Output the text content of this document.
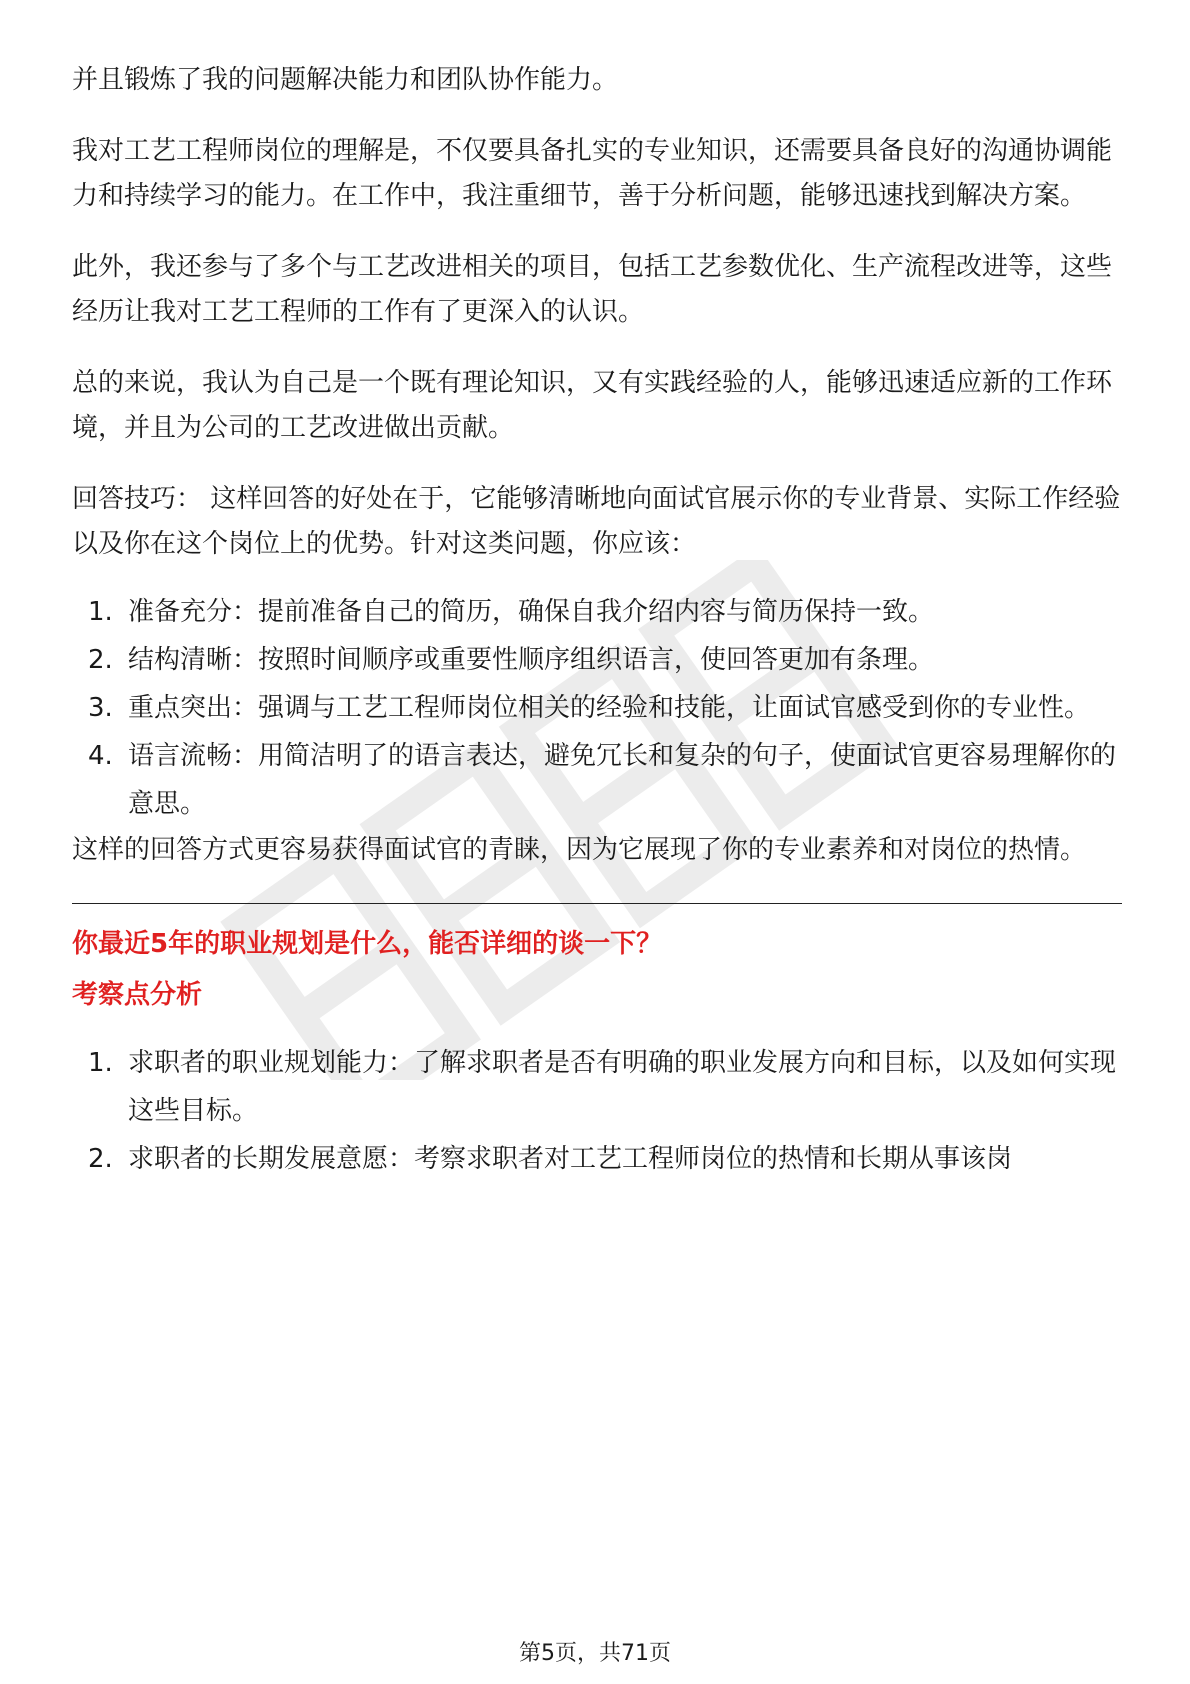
并且锻炼了我的问题解决能力和团队协作能力。

我对工艺工程师岗位的理解是，不仅要具备扎实的专业知识，还需要具备良好的沟通协调能力和持续学习的能力。在工作中，我注重细节，善于分析问题，能够迅速找到解决方案。

此外，我还参与了多个与工艺改进相关的项目，包括工艺参数优化、生产流程改进等，这些经历让我对工艺工程师的工作有了更深入的认识。

总的来说，我认为自己是一个既有理论知识，又有实践经验的人，能够迅速适应新的工作环境，并且为公司的工艺改进做出贡献。

回答技巧： 这样回答的好处在于，它能够清晰地向面试官展示你的专业背景、实际工作经验以及你在这个岗位上的优势。针对这类问题，你应该：

1. 准备充分：提前准备自己的简历，确保自我介绍内容与简历保持一致。
2. 结构清晰：按照时间顺序或重要性顺序组织语言，使回答更加有条理。
3. 重点突出：强调与工艺工程师岗位相关的经验和技能，让面试官感受到你的专业性。
4. 语言流畅：用简洁明了的语言表达，避免冗长和复杂的句子，使面试官更容易理解你的意思。

这样的回答方式更容易获得面试官的青睐，因为它展现了你的专业素养和对岗位的热情。

你最近5年的职业规划是什么，能否详细的谈一下？
考察点分析
1. 求职者的职业规划能力：了解求职者是否有明确的职业发展方向和目标，以及如何实现这些目标。
2. 求职者的长期发展意愿：考察求职者对工艺工程师岗位的热情和长期从事该岗
第5页，共71页
